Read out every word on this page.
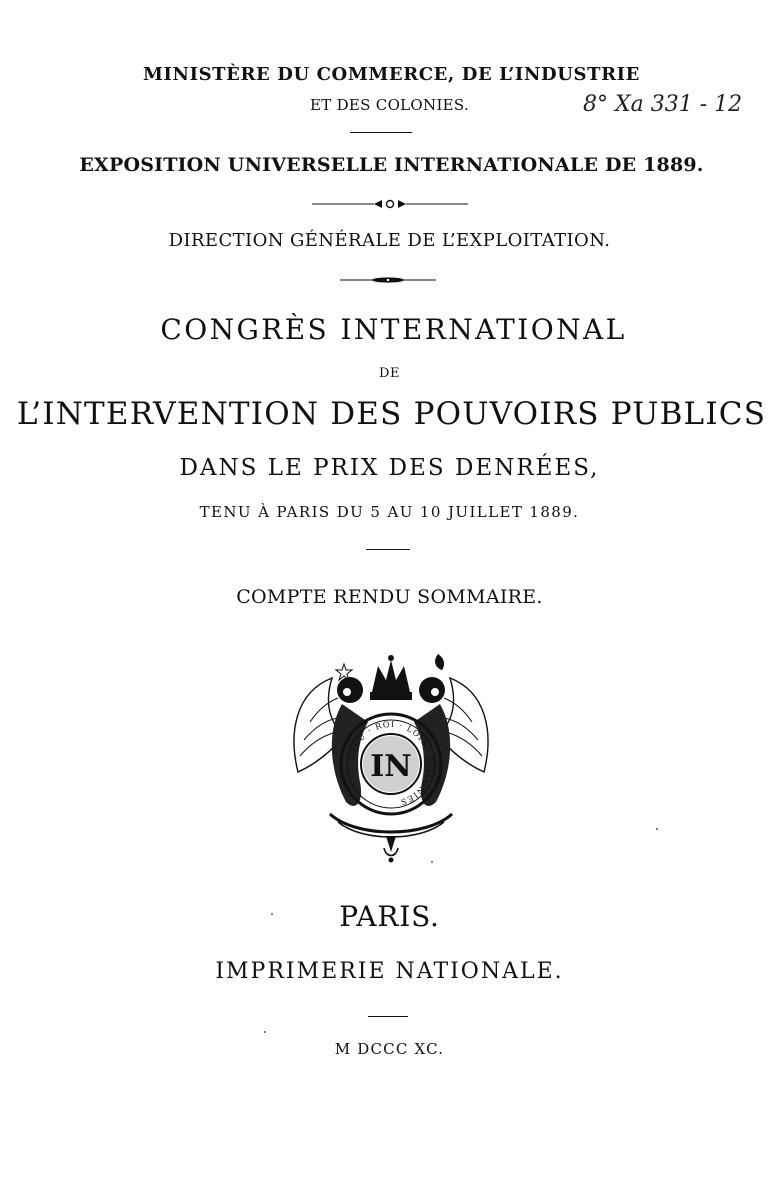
MINISTÈRE DU COMMERCE, DE L’INDUSTRIE
ET DES COLONIES.	8° Xa 331 - 12
EXPOSITION UNIVERSELLE INTERNATIONALE DE 1889.
DIRECTION GÉNÉRALE DE L’EXPLOITATION.
CONGRÈS INTERNATIONAL
DE
L’INTERVENTION DES POUVOIRS PUBLICS
DANS LE PRIX DES DENRÉES,
TENU À PARIS DU 5 AU 10 JUILLET 1889.
COMPTE RENDU SOMMAIRE.
DIEU · ROI · LOIS · COLONIES
IN
PARIS.
IMPRIMERIE NATIONALE.
M DCCC XC.
